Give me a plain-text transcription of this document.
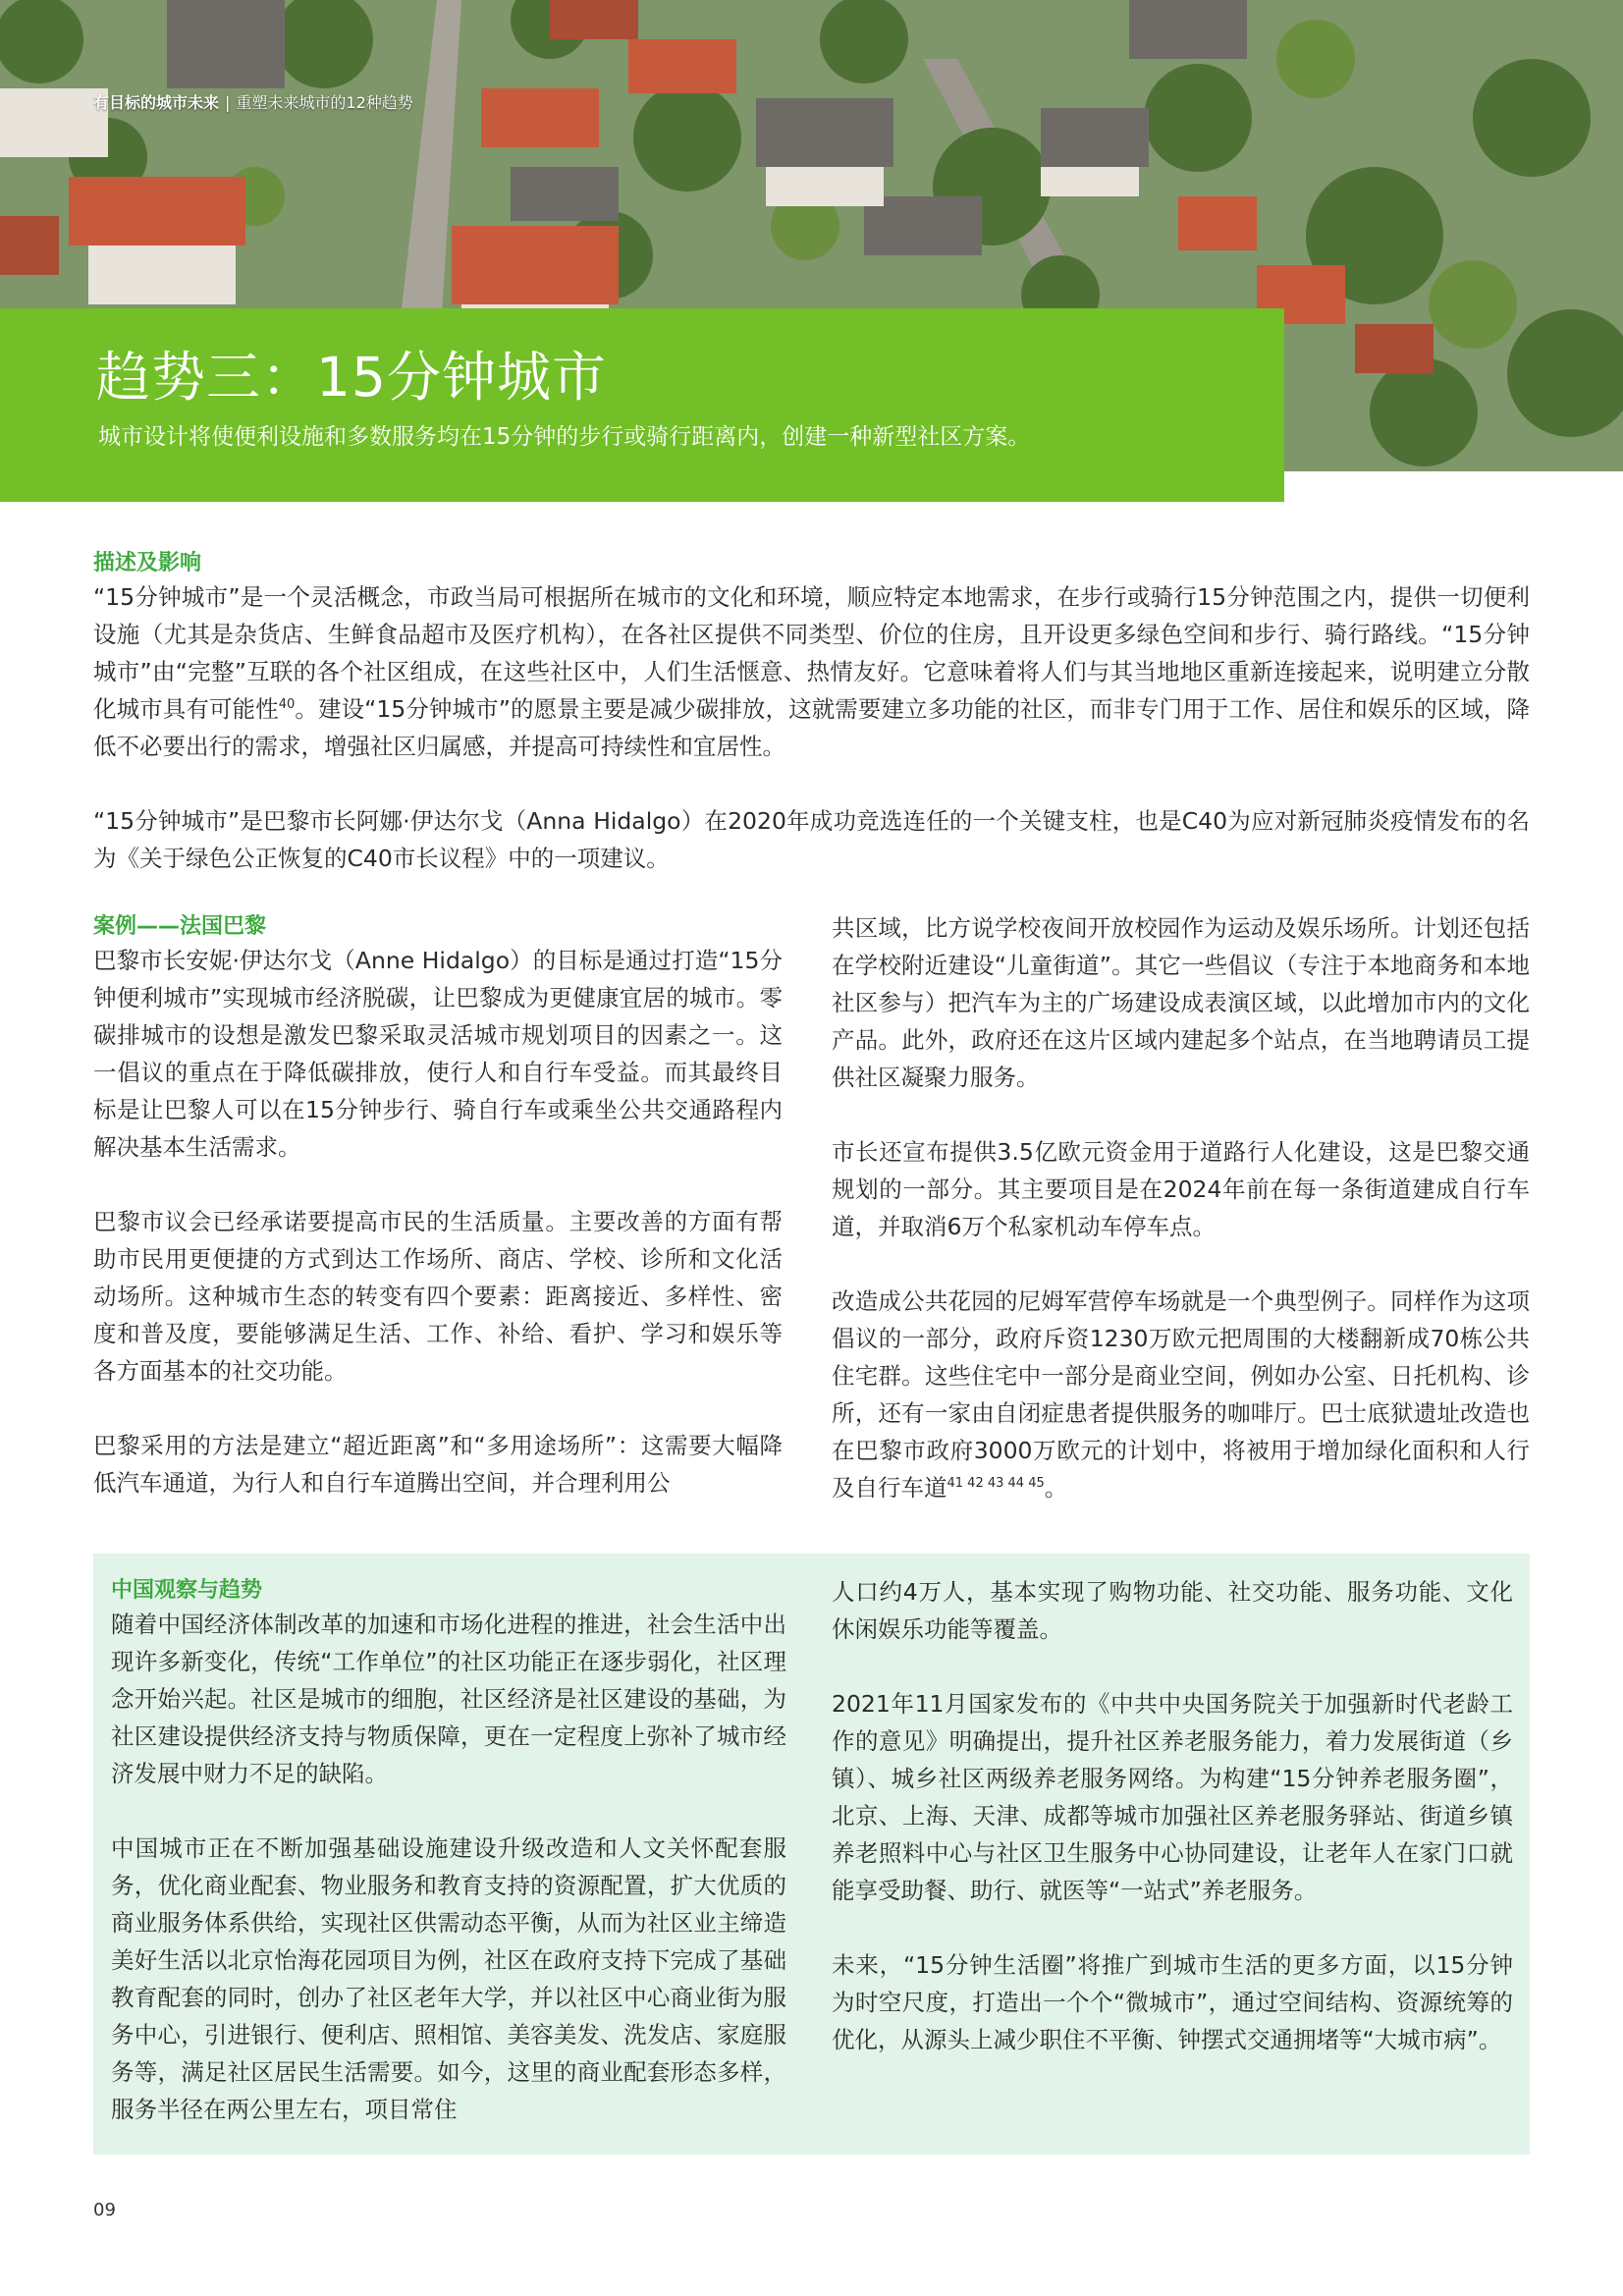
有目标的城市未来 | 重塑未来城市的12种趋势
趋势三：15分钟城市
城市设计将使便利设施和多数服务均在15分钟的步行或骑行距离内，创建一种新型社区方案。
描述及影响

“15分钟城市”是一个灵活概念，市政当局可根据所在城市的文化和环境，顺应特定本地需求，在步行或骑行15分钟范围之内，提供一切便利设施（尤其是杂货店、生鲜食品超市及医疗机构），在各社区提供不同类型、价位的住房，且开设更多绿色空间和步行、骑行路线。“15分钟城市”由“完整”互联的各个社区组成，在这些社区中，人们生活惬意、热情友好。它意味着将人们与其当地地区重新连接起来，说明建立分散化城市具有可能性$^{40}$。建设“15分钟城市”的愿景主要是减少碳排放，这就需要建立多功能的社区，而非专门用于工作、居住和娱乐的区域，降低不必要出行的需求，增强社区归属感，并提高可持续性和宜居性。

“15分钟城市”是巴黎市长阿娜·伊达尔戈（Anna Hidalgo）在2020年成功竞选连任的一个关键支柱，也是C40为应对新冠肺炎疫情发布的名为《关于绿色公正恢复的C40市长议程》中的一项建议。

案例——法国巴黎

巴黎市长安妮·伊达尔戈（Anne Hidalgo）的目标是通过打造“15分钟便利城市”实现城市经济脱碳，让巴黎成为更健康宜居的城市。零碳排城市的设想是激发巴黎采取灵活城市规划项目的因素之一。这一倡议的重点在于降低碳排放，使行人和自行车受益。而其最终目标是让巴黎人可以在15分钟步行、骑自行车或乘坐公共交通路程内解决基本生活需求。

巴黎市议会已经承诺要提高市民的生活质量。主要改善的方面有帮助市民用更便捷的方式到达工作场所、商店、学校、诊所和文化活动场所。这种城市生态的转变有四个要素：距离接近、多样性、密度和普及度，要能够满足生活、工作、补给、看护、学习和娱乐等各方面基本的社交功能。

巴黎采用的方法是建立“超近距离”和“多用途场所”：这需要大幅降低汽车通道，为行人和自行车道腾出空间，并合理利用公

共区域，比方说学校夜间开放校园作为运动及娱乐场所。计划还包括在学校附近建设“儿童街道”。其它一些倡议（专注于本地商务和本地社区参与）把汽车为主的广场建设成表演区域，以此增加市内的文化产品。此外，政府还在这片区域内建起多个站点，在当地聘请员工提供社区凝聚力服务。

市长还宣布提供3.5亿欧元资金用于道路行人化建设，这是巴黎交通规划的一部分。其主要项目是在2024年前在每一条街道建成自行车道，并取消6万个私家机动车停车点。

改造成公共花园的尼姆军营停车场就是一个典型例子。同样作为这项倡议的一部分，政府斥资1230万欧元把周围的大楼翻新成70栋公共住宅群。这些住宅中一部分是商业空间，例如办公室、日托机构、诊所，还有一家由自闭症患者提供服务的咖啡厅。巴士底狱遗址改造也在巴黎市政府3000万欧元的计划中，将被用于增加绿化面积和人行及自行车道$^{41 42 43 44 45}$。

中国观察与趋势

随着中国经济体制改革的加速和市场化进程的推进，社会生活中出现许多新变化，传统“工作单位”的社区功能正在逐步弱化，社区理念开始兴起。社区是城市的细胞，社区经济是社区建设的基础，为社区建设提供经济支持与物质保障，更在一定程度上弥补了城市经济发展中财力不足的缺陷。

中国城市正在不断加强基础设施建设升级改造和人文关怀配套服务，优化商业配套、物业服务和教育支持的资源配置，扩大优质的商业服务体系供给，实现社区供需动态平衡，从而为社区业主缔造美好生活以北京怡海花园项目为例，社区在政府支持下完成了基础教育配套的同时，创办了社区老年大学，并以社区中心商业街为服务中心，引进银行、便利店、照相馆、美容美发、洗发店、家庭服务等，满足社区居民生活需要。如今，这里的商业配套形态多样，服务半径在两公里左右，项目常住

人口约4万人，基本实现了购物功能、社交功能、服务功能、文化休闲娱乐功能等覆盖。

2021年11月国家发布的《中共中央国务院关于加强新时代老龄工作的意见》明确提出，提升社区养老服务能力，着力发展街道（乡镇）、城乡社区两级养老服务网络。为构建“15分钟养老服务圈”，北京、上海、天津、成都等城市加强社区养老服务驿站、街道乡镇养老照料中心与社区卫生服务中心协同建设，让老年人在家门口就能享受助餐、助行、就医等“一站式”养老服务。

未来，“15分钟生活圈”将推广到城市生活的更多方面，以15分钟为时空尺度，打造出一个个“微城市”，通过空间结构、资源统筹的优化，从源头上减少职住不平衡、钟摆式交通拥堵等“大城市病”。

09
